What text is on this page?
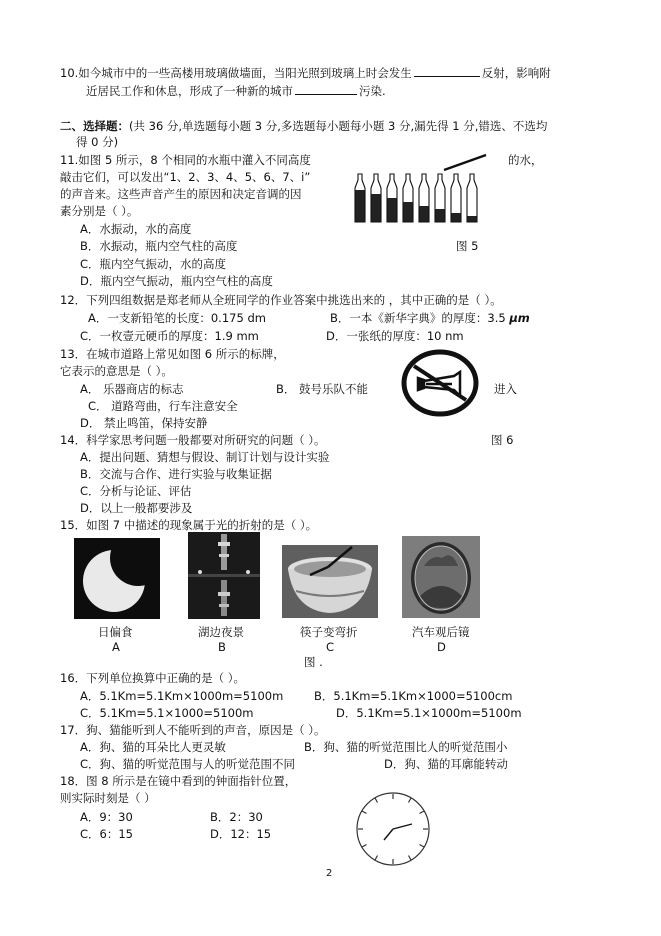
10.如今城市中的一些高楼用玻璃做墙面，当阳光照到玻璃上时会发生	反射，影响附
近居民工作和休息，形成了一种新的城市	污染.
二、选择题：(共 36 分,单选题每小题 3 分,多选题每小题每小题 3 分,漏先得 1 分,错选、不选均
得 0 分)
11.如图 5 所示，8 个相同的水瓶中灌入不同高度	的水，
敲击它们，可以发出“1、2、3、4、5、6、7、i”
的声音来。这些声音产生的原因和决定音调的因
素分别是（ ）。
A．水振动，水的高度
B．水振动，瓶内空气柱的高度
C．瓶内空气振动，水的高度
D．瓶内空气振动，瓶内空气柱的高度
图 5
12．下列四组数据是郑老师从全班同学的作业答案中挑选出来的 ，其中正确的是（ ）。
A．一支新铅笔的长度：0.175 dm	B．一本《新华字典》的厚度：3.5 μm
C．一枚壹元硬币的厚度：1.9 mm	D．一张纸的厚度：10 nm
13．在城市道路上常见如图 6 所示的标牌，
它表示的意思是（ ）。
A． 乐器商店的标志	B． 鼓号乐队不能	进入
C． 道路弯曲，行车注意安全
D． 禁止鸣笛，保持安静
14．科学家思考问题一般都要对所研究的问题（ ）。	图 6
A．提出问题、猜想与假设、制订计划与设计实验
B．交流与合作、进行实验与收集证据
C．分析与论证、评估
D．以上一般都要涉及
15．如图 7 中描述的现象属于光的折射的是（ ）。
日偏食	湖边夜景	筷子变弯折	汽车观后镜
A	B	C	D
图 .
16．下列单位换算中正确的是（ ）。
A．5.1Km=5.1Km×1000m=5100m	B．5.1Km=5.1Km×1000=5100cm
C．5.1Km=5.1×1000=5100m	D．5.1Km=5.1×1000m=5100m
17．狗、猫能听到人不能听到的声音，原因是（ ）。
A．狗、猫的耳朵比人更灵敏	B．狗、猫的听觉范围比人的听觉范围小
C．狗、猫的听觉范围与人的听觉范围不同	D．狗、猫的耳廓能转动
18．图 8 所示是在镜中看到的钟面指针位置，
则实际时刻是（ ）
A．9：30	B．2：30
C．6：15	D．12：15
2
